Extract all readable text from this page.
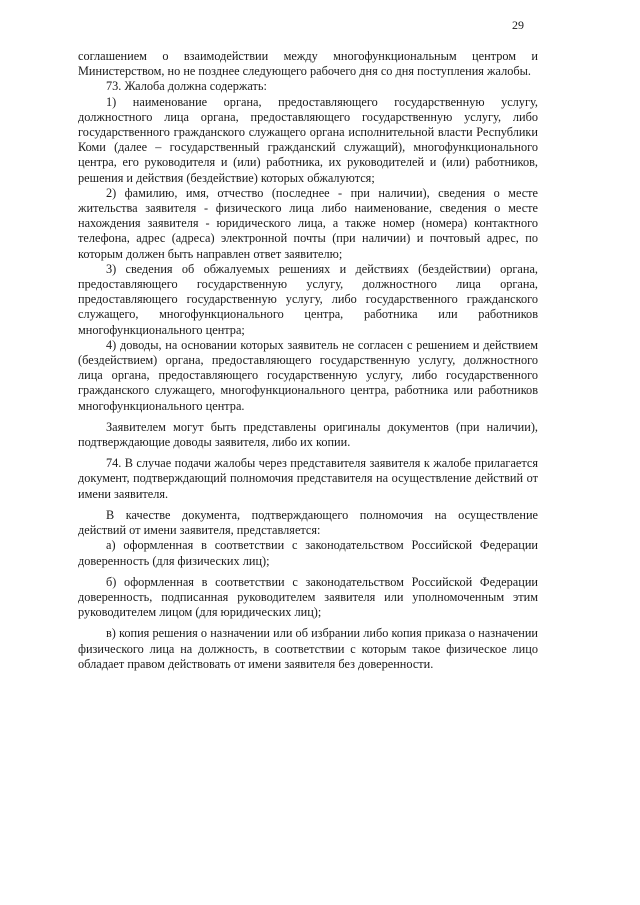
29

соглашением о взаимодействии между многофункциональным центром и Министерством, но не позднее следующего рабочего дня со дня поступления жалобы.

73. Жалоба должна содержать:

1) наименование органа, предоставляющего государственную услугу, должностного лица органа, предоставляющего государственную услугу, либо государственного гражданского служащего органа исполнительной власти Республики Коми (далее – государственный гражданский служащий), многофункционального центра, его руководителя и (или) работника, их руководителей и (или) работников, решения и действия (бездействие) которых обжалуются;

2) фамилию, имя, отчество (последнее - при наличии), сведения о месте жительства заявителя - физического лица либо наименование, сведения о месте нахождения заявителя - юридического лица, а также номер (номера) контактного телефона, адрес (адреса) электронной почты (при наличии) и почтовый адрес, по которым должен быть направлен ответ заявителю;

3) сведения об обжалуемых решениях и действиях (бездействии) органа, предоставляющего государственную услугу, должностного лица органа, предоставляющего государственную услугу, либо государственного гражданского служащего, многофункционального центра, работника или работников многофункционального центра;

4) доводы, на основании которых заявитель не согласен с решением и действием (бездействием) органа, предоставляющего государственную услугу, должностного лица органа, предоставляющего государственную услугу, либо государственного гражданского служащего, многофункционального центра, работника или работников многофункционального центра.

Заявителем могут быть представлены оригиналы документов (при наличии), подтверждающие доводы заявителя, либо их копии.

74. В случае подачи жалобы через представителя заявителя к жалобе прилагается документ, подтверждающий полномочия представителя на осуществление действий от имени заявителя.

В качестве документа, подтверждающего полномочия на осуществление действий от имени заявителя, представляется:

а) оформленная в соответствии с законодательством Российской Федерации доверенность (для физических лиц);

б) оформленная в соответствии с законодательством Российской Федерации доверенность, подписанная руководителем заявителя или уполномоченным этим руководителем лицом (для юридических лиц);

в) копия решения о назначении или об избрании либо копия приказа о назначении физического лица на должность, в соответствии с которым такое физическое лицо обладает правом действовать от имени заявителя без доверенности.
